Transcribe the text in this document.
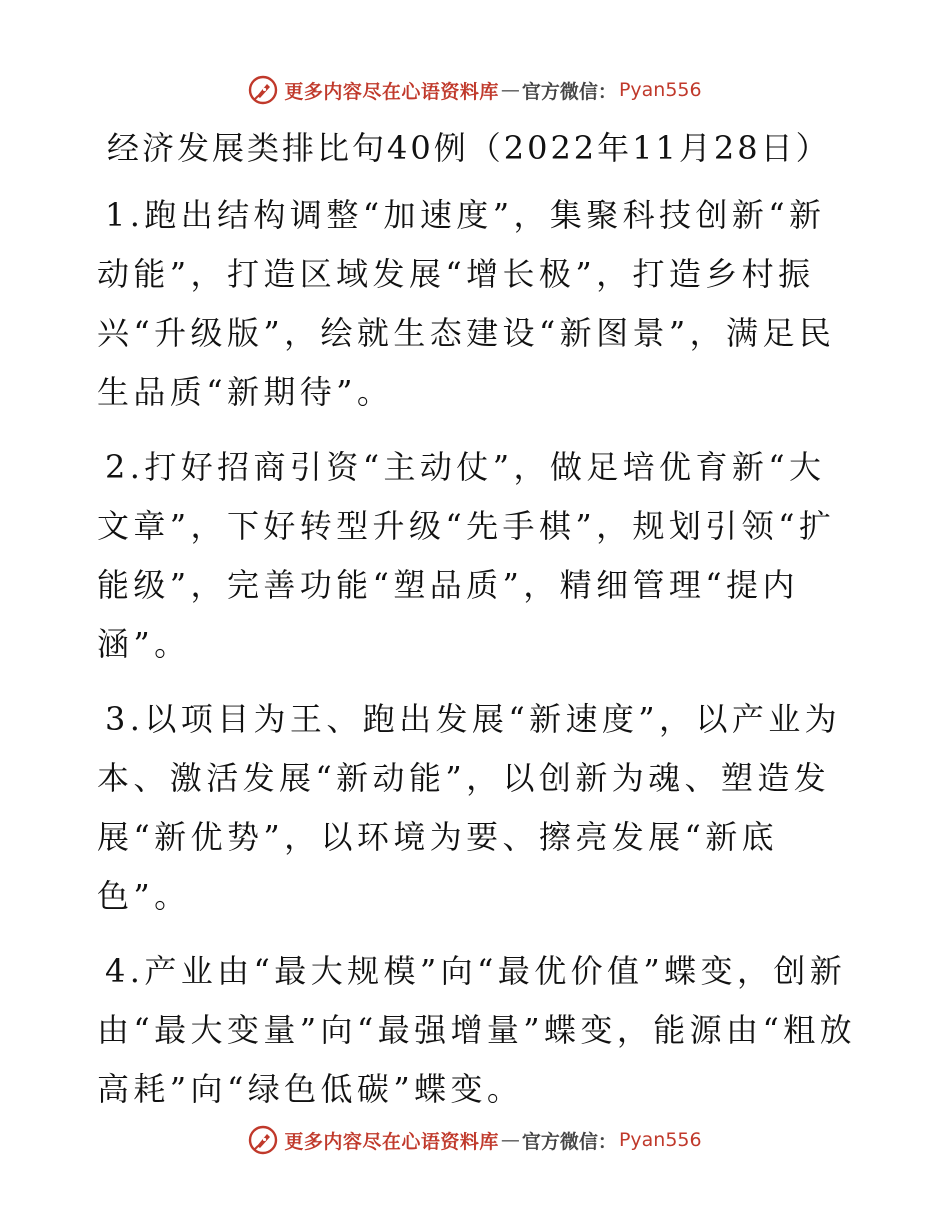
更多内容尽在心语资料库 — 官方微信： Pyan556
经济发展类排比句40例（2022年11月28日）

1.跑出结构调整“加速度”，集聚科技创新“新动能”，打造区域发展“增长极”，打造乡村振兴“升级版”，绘就生态建设“新图景”，满足民生品质“新期待”。

2.打好招商引资“主动仗”，做足培优育新“大文章”，下好转型升级“先手棋”，规划引领“扩能级”，完善功能“塑品质”，精细管理“提内涵”。

3.以项目为王、跑出发展“新速度”，以产业为本、激活发展“新动能”，以创新为魂、塑造发展“新优势”，以环境为要、擦亮发展“新底色”。

4.产业由“最大规模”向“最优价值”蝶变，创新由“最大变量”向“最强增量”蝶变，能源由“粗放高耗”向“绿色低碳”蝶变。

更多内容尽在心语资料库 — 官方微信： Pyan556
